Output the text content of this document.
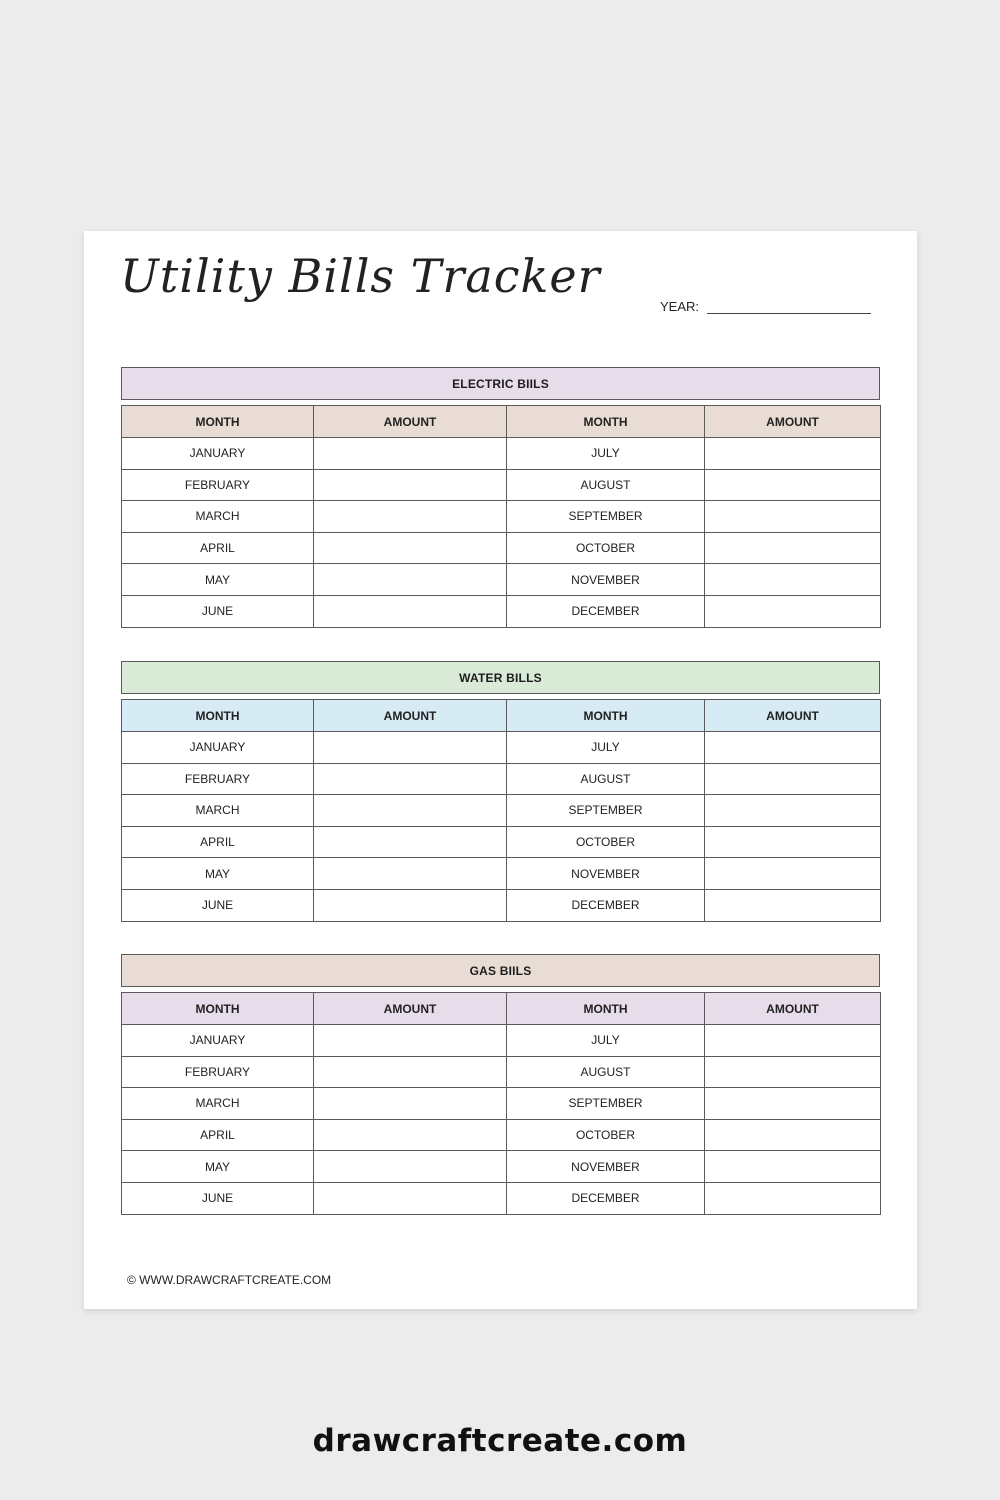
Utility Bills Tracker
YEAR:
ELECTRIC BIILS
MONTH	AMOUNT	MONTH	AMOUNT
JANUARY		JULY	
FEBRUARY		AUGUST	
MARCH		SEPTEMBER	
APRIL		OCTOBER	
MAY		NOVEMBER	
JUNE		DECEMBER	
WATER BILLS
MONTH	AMOUNT	MONTH	AMOUNT
JANUARY		JULY	
FEBRUARY		AUGUST	
MARCH		SEPTEMBER	
APRIL		OCTOBER	
MAY		NOVEMBER	
JUNE		DECEMBER	
GAS BIILS
MONTH	AMOUNT	MONTH	AMOUNT
JANUARY		JULY	
FEBRUARY		AUGUST	
MARCH		SEPTEMBER	
APRIL		OCTOBER	
MAY		NOVEMBER	
JUNE		DECEMBER	
© WWW.DRAWCRAFTCREATE.COM
drawcraftcreate.com
